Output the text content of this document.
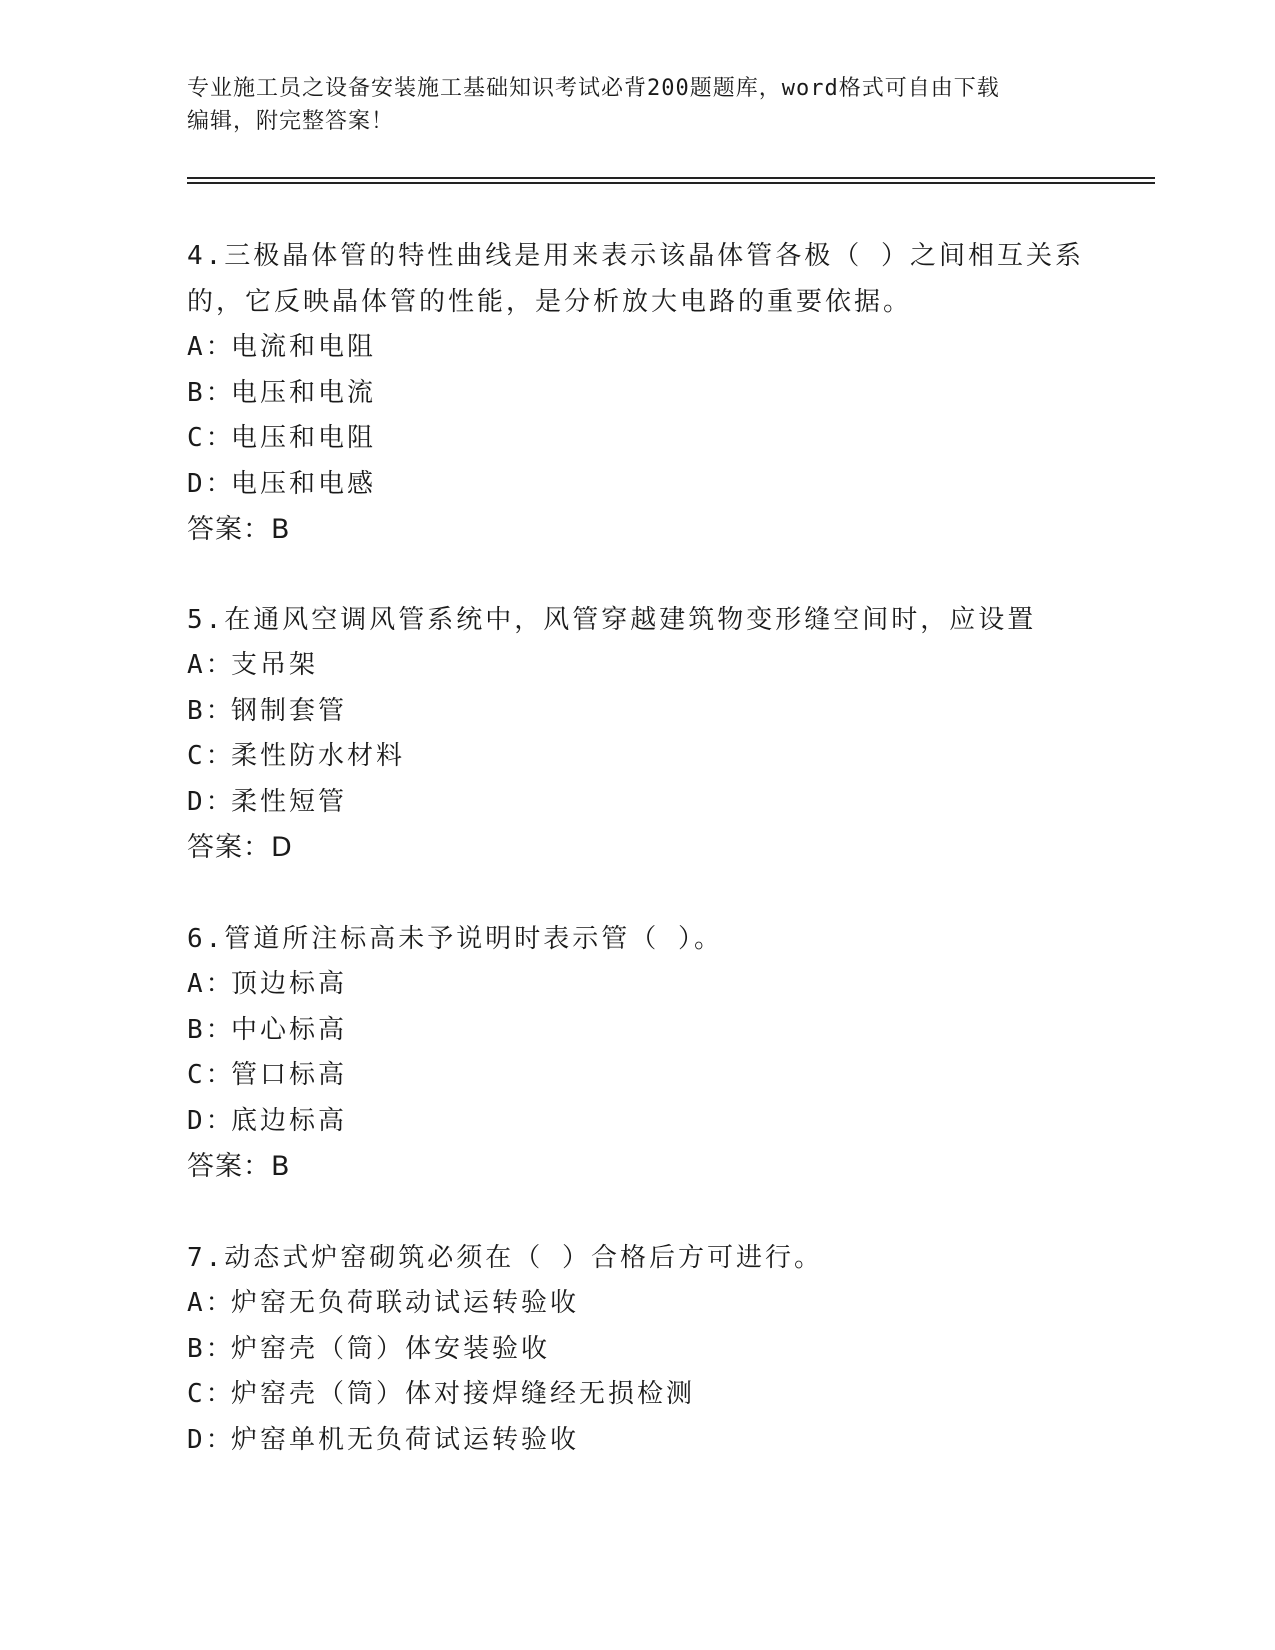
专业施工员之设备安装施工基础知识考试必背200题题库，word格式可自由下载
编辑，附完整答案！
4.三极晶体管的特性曲线是用来表示该晶体管各极（ ）之间相互关系
的，它反映晶体管的性能，是分析放大电路的重要依据。
A：电流和电阻
B：电压和电流
C：电压和电阻
D：电压和电感
答案：B
5.在通风空调风管系统中，风管穿越建筑物变形缝空间时，应设置
A：支吊架
B：钢制套管
C：柔性防水材料
D：柔性短管
答案：D
6.管道所注标高未予说明时表示管（ ）。
A：顶边标高
B：中心标高
C：管口标高
D：底边标高
答案：B
7.动态式炉窑砌筑必须在（ ）合格后方可进行。
A：炉窑无负荷联动试运转验收
B：炉窑壳（筒）体安装验收
C：炉窑壳（筒）体对接焊缝经无损检测
D：炉窑单机无负荷试运转验收
